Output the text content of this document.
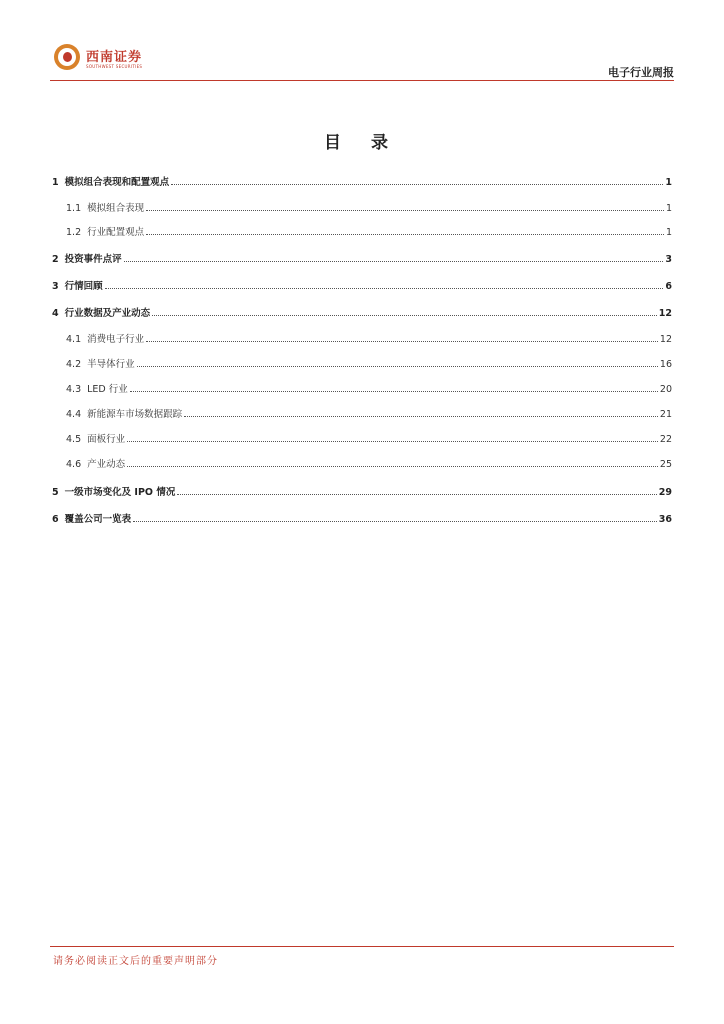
西南证券
SOUTHWEST SECURITIES	电子行业周报
目 录
1 模拟组合表现和配置观点	1
1.1 模拟组合表现	1
1.2 行业配置观点	1
2 投资事件点评	3
3 行情回顾	6
4 行业数据及产业动态	12
4.1 消费电子行业	12
4.2 半导体行业	16
4.3 LED 行业	20
4.4 新能源车市场数据跟踪	21
4.5 面板行业	22
4.6 产业动态	25
5 一级市场变化及 IPO 情况	29
6 覆盖公司一览表	36
请务必阅读正文后的重要声明部分
